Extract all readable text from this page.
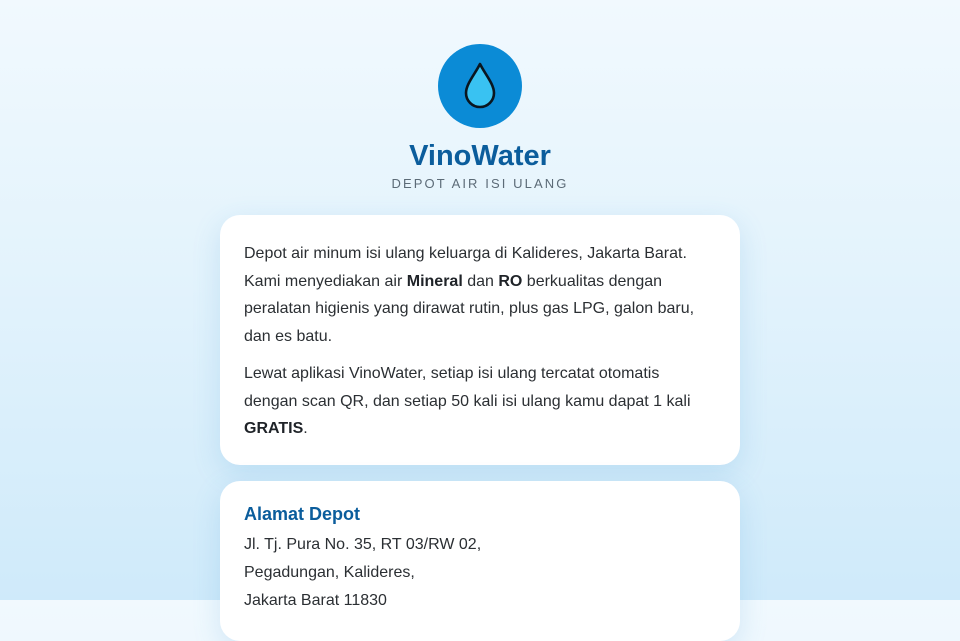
VinoWater
DEPOT AIR ISI ULANG

Depot air minum isi ulang keluarga di Kalideres, Jakarta Barat. Kami menyediakan air Mineral dan RO berkualitas dengan peralatan higienis yang dirawat rutin, plus gas LPG, galon baru, dan es batu.

Lewat aplikasi VinoWater, setiap isi ulang tercatat otomatis dengan scan QR, dan setiap 50 kali isi ulang kamu dapat 1 kali GRATIS.

Alamat Depot
Jl. Tj. Pura No. 35, RT 03/RW 02,
Pegadungan, Kalideres,
Jakarta Barat 11830
